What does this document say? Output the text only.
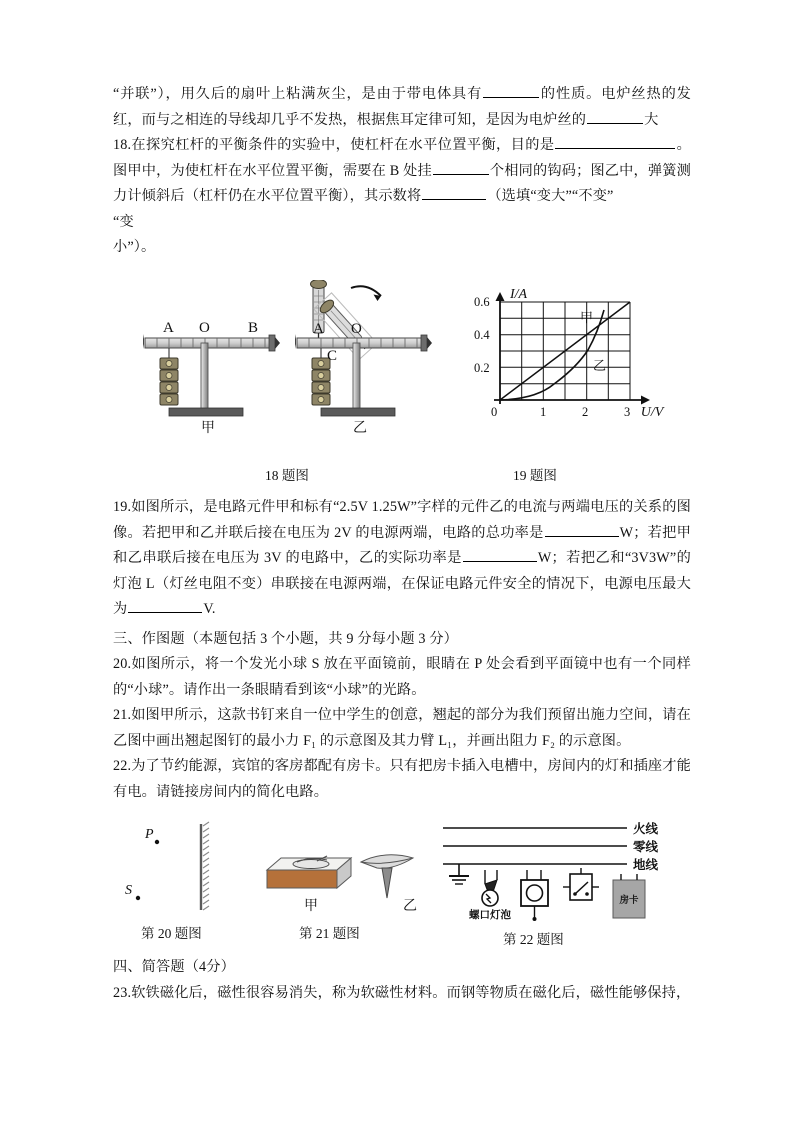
“并联”），用久后的扇叶上粘满灰尘，是由于带电体具有	的性质。电炉丝热的发红，而与之相连的导线却几乎不发热，根据焦耳定律可知，是因为电炉丝的	大

18.在探究杠杆的平衡条件的实验中，使杠杆在水平位置平衡，目的是	。图甲中，为使杠杆在水平位置平衡，需要在 B 处挂	个相同的钩码；图乙中，弹簧测力计倾斜后（杠杆仍在水平位置平衡），其示数将	（选填“变大”“不变”

“变

小”）。

A O	B
甲
A O
C
乙
0.6
0.4
0.2
0	1	2	3
I/A
U/V
甲
乙
18 题图	19 题图

19.如图所示，是电路元件甲和标有“2.5V 1.25W”字样的元件乙的电流与两端电压的关系的图像。若把甲和乙并联后接在电压为 2V 的电源两端，电路的总功率是	W；若把甲和乙串联后接在电压为 3V 的电路中，乙的实际功率是	W；若把乙和“3V3W”的灯泡 L（灯丝电阻不变）串联接在电源两端，在保证电路元件安全的情况下，电源电压最大为	V.

三、作图题（本题包括 3 个小题，共 9 分每小题 3 分）

20.如图所示，将一个发光小球 S 放在平面镜前，眼睛在 P 处会看到平面镜中也有一个同样的“小球”。请作出一条眼睛看到该“小球”的光路。

21.如图甲所示，这款书钉来自一位中学生的创意，翘起的部分为我们预留出施力空间，请在乙图中画出翘起图钉的最小力 F₁ 的示意图及其力臂 L₁，并画出阻力 F₂ 的示意图。

22.为了节约能源，宾馆的客房都配有房卡。只有把房卡插入电槽中，房间内的灯和插座才能有电。请链接房间内的简化电路。

P
S
甲	乙
火线
零线
地线
螺口灯泡
房卡
第 20 题图	第 21 题图	第 22 题图

四、简答题（4分）

23.软铁磁化后，磁性很容易消失，称为软磁性材料。而钢等物质在磁化后，磁性能够保持，
